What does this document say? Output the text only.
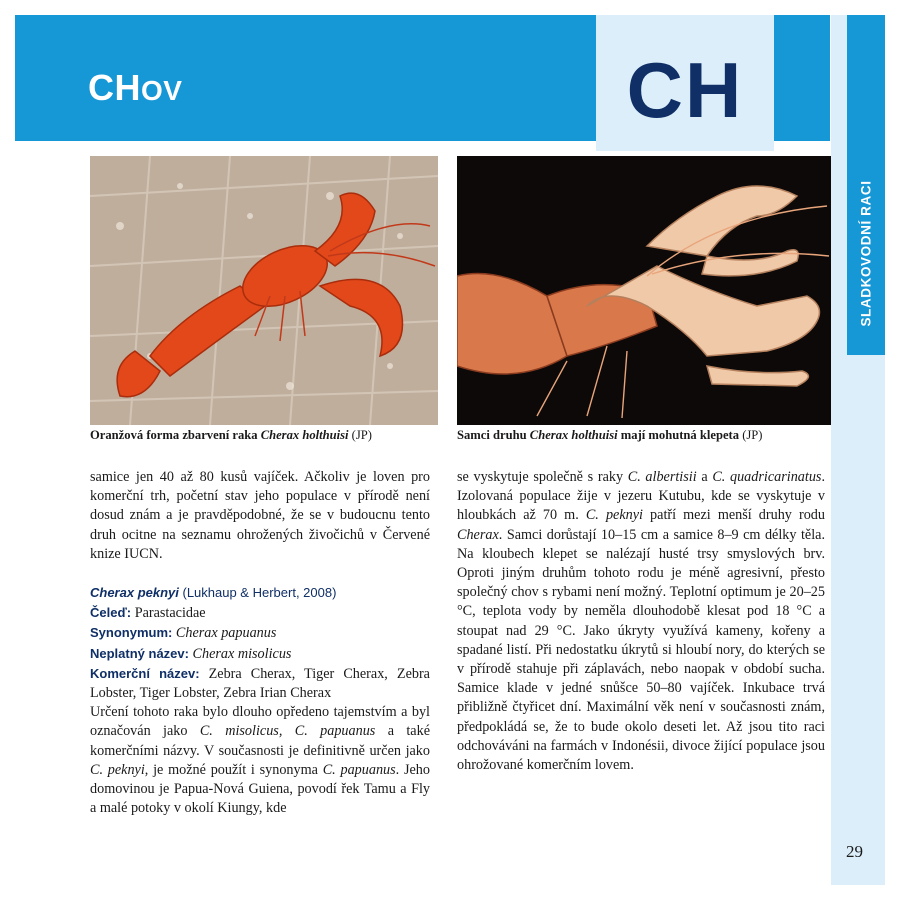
CHOV	CH
SLADKOVODNÍ RACI
29
Oranžová forma zbarvení raka Cherax holthuisi (JP)	Samci druhu Cherax holthuisi mají mohutná klepeta (JP)

samice jen 40 až 80 kusů vajíček. Ačkoliv je loven pro komerční trh, početní stav jeho populace v přírodě není dosud znám a je pravděpodobné, že se v budoucnu tento druh ocitne na seznamu ohrožených živočichů v Červené knize IUCN.

Cherax peknyi (Lukhaup & Herbert, 2008)

Čeleď: Parastacidae

Synonymum: Cherax papuanus

Neplatný název: Cherax misolicus

Komerční název: Zebra Cherax, Tiger Cherax, Zebra Lobster, Tiger Lobster, Zebra Irian Cherax

Určení tohoto raka bylo dlouho opředeno tajemstvím a byl označován jako C. misolicus, C. papuanus a také komerčními názvy. V současnosti je definitivně určen jako C. peknyi, je možné použít i synonyma C. papuanus. Jeho domovinou je Papua-Nová Guiena, povodí řek Tamu a Fly a malé potoky v okolí Kiungy, kde

se vyskytuje společně s raky C. albertisii a C. quadricarinatus. Izolovaná populace žije v jezeru Kutubu, kde se vyskytuje v hloubkách až 70 m. C. peknyi patří mezi menší druhy rodu Cherax. Samci dorůstají 10–15 cm a samice 8–9 cm délky těla. Na kloubech klepet se nalézají husté trsy smyslových brv. Oproti jiným druhům tohoto rodu je méně agresivní, přesto společný chov s rybami není možný. Teplotní optimum je 20–25 °C, teplota vody by neměla dlouhodobě klesat pod 18 °C a stoupat nad 29 °C. Jako úkryty využívá kameny, kořeny a spadané listí. Při nedostatku úkrytů si hloubí nory, do kterých se v přírodě stahuje při záplavách, nebo naopak v období sucha. Samice klade v jedné snůšce 50–80 vajíček. Inkubace trvá přibližně čtyřicet dní. Maximální věk není v současnosti znám, předpokládá se, že to bude okolo deseti let. Až jsou tito raci odchováváni na farmách v Indonésii, divoce žijící populace jsou ohrožované komerčním lovem.
